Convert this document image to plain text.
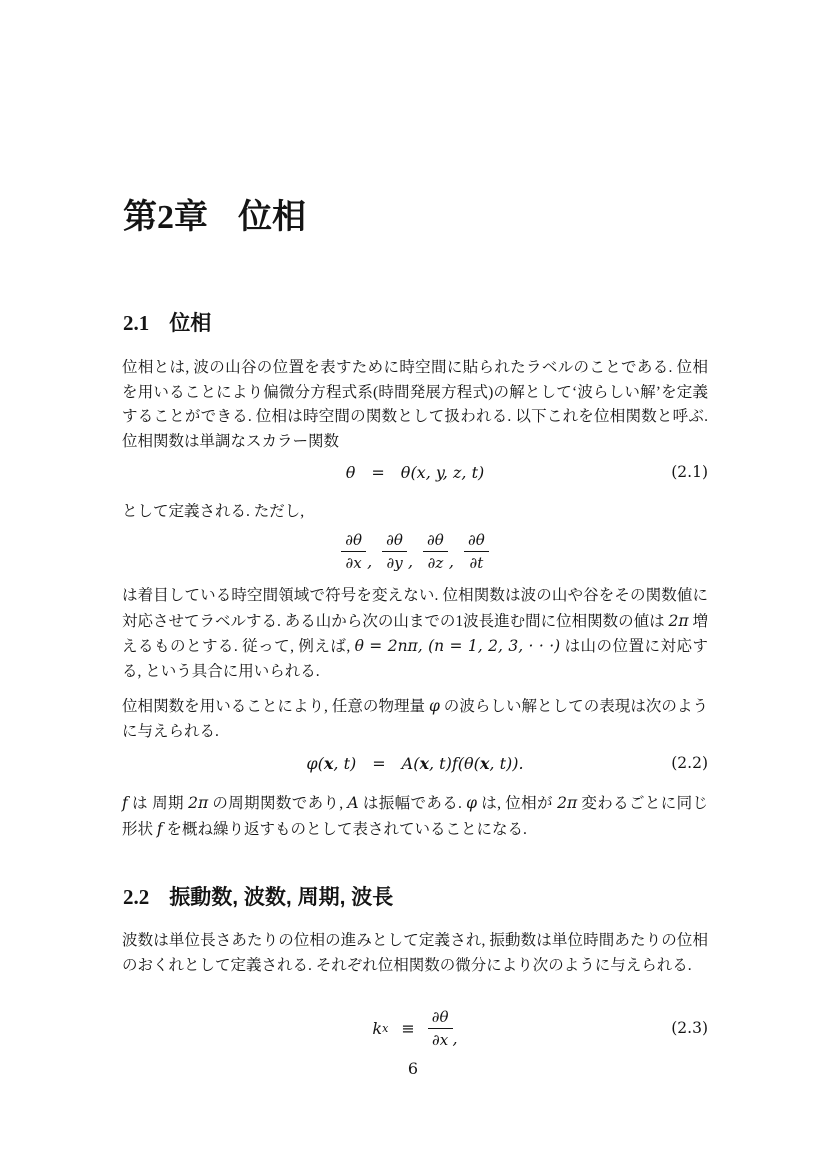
第2章 位相
2.1 位相

位相とは, 波の山谷の位置を表すために時空間に貼られたラベルのことである. 位相を用いることにより偏微分方程式系(時間発展方程式)の解として‘波らしい解’を定義することができる. 位相は時空間の関数として扱われる. 以下これを位相関数と呼ぶ. 位相関数は単調なスカラー関数

θ  =  θ(x, y, z, t)	(2.1)

として定義される. ただし,

$\frac{\partial\theta}{\partial x}$ , $\frac{\partial\theta}{\partial y}$ , $\frac{\partial\theta}{\partial z}$ , $\frac{\partial\theta}{\partial t}$

は着目している時空間領域で符号を変えない. 位相関数は波の山や谷をその関数値に対応させてラベルする. ある山から次の山までの1波長進む間に位相関数の値は 2π 増えるものとする. 従って, 例えば, θ = 2nπ, (n = 1, 2, 3, · · ·) は山の位置に対応する, という具合に用いられる.

位相関数を用いることにより, 任意の物理量 φ の波らしい解としての表現は次のように与えられる.

φ( x , t)  =  A( x , t)f(θ( x , t)).	(2.2)

f は 周期 2π の周期関数であり, A は振幅である. φ は, 位相が 2π 変わるごとに同じ形状 f を概ね繰り返すものとして表されていることになる.

2.2 振動数, 波数, 周期, 波長

波数は単位長さあたりの位相の進みとして定義され, 振動数は単位時間あたりの位相のおくれとして定義される. それぞれ位相関数の微分により次のように与えられる.

k $x \equiv \frac{\partial\theta}{\partial x}$ ,
(2.3)
6
